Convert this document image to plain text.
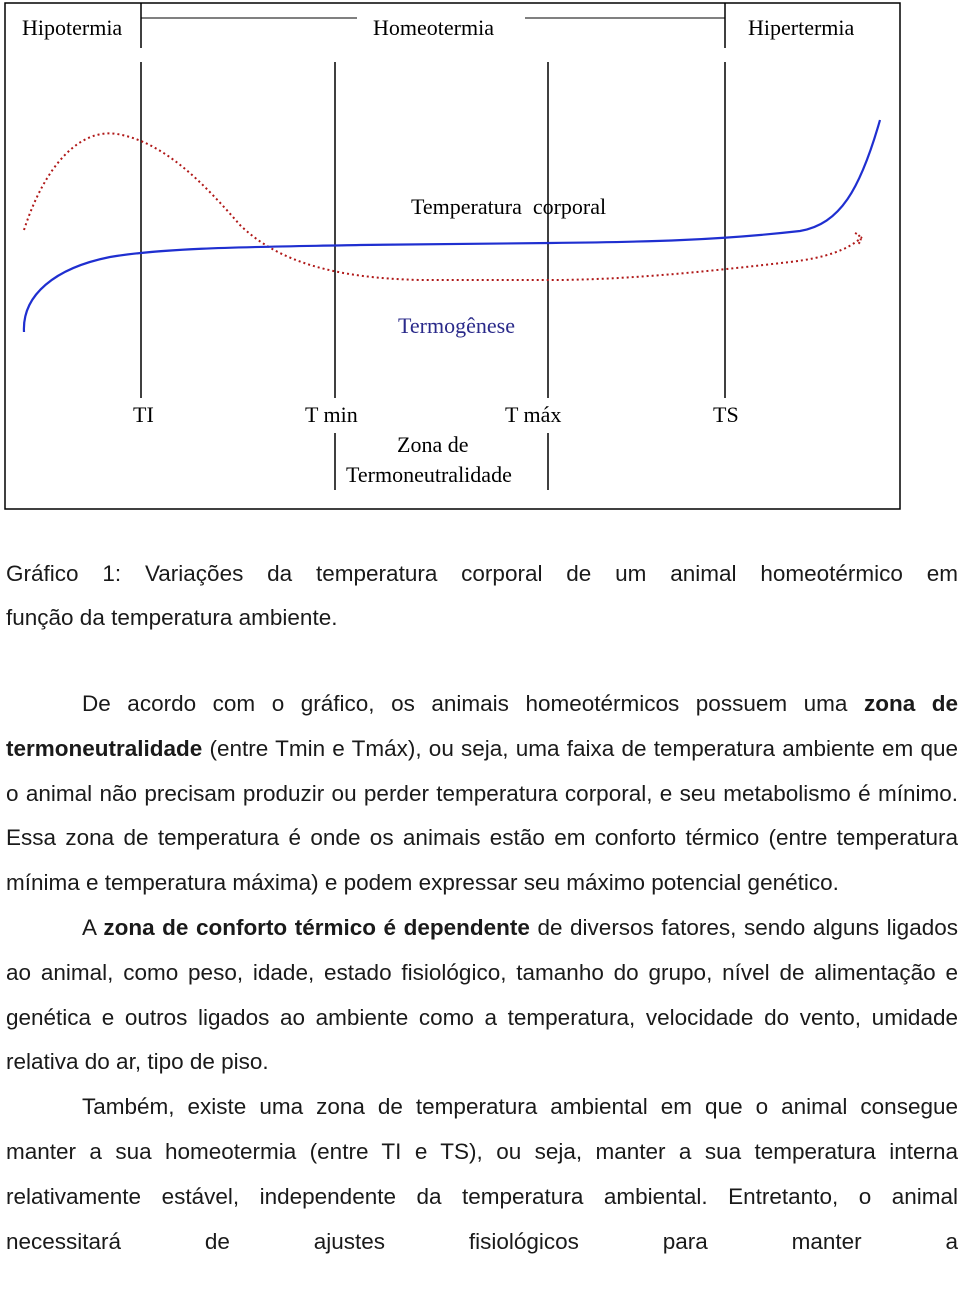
Hipotermia	Homeotermia	Hipertermia
Temperatura  corporal
Termogênese
TI	T min	T máx	TS
Zona de
Termoneutralidade
Gráfico 1: Variações da temperatura corporal de um animal homeotérmico em
função da temperatura ambiente.

De acordo com o gráfico, os animais homeotérmicos possuem uma zona de termoneutralidade (entre Tmin e Tmáx), ou seja, uma faixa de temperatura ambiente em que o animal não precisam produzir ou perder temperatura corporal, e seu metabolismo é mínimo. Essa zona de temperatura é onde os animais estão em conforto térmico (entre temperatura mínima e temperatura máxima) e podem expressar seu máximo potencial genético.

A zona de conforto térmico é dependente de diversos fatores, sendo alguns ligados ao animal, como peso, idade, estado fisiológico, tamanho do grupo, nível de alimentação e genética e outros ligados ao ambiente como a temperatura, velocidade do vento, umidade relativa do ar, tipo de piso.

Também, existe uma zona de temperatura ambiental em que o animal consegue manter a sua homeotermia (entre TI e TS), ou seja, manter a sua temperatura interna relativamente estável, independente da temperatura ambiental. Entretanto, o animal necessitará de ajustes fisiológicos para manter a
